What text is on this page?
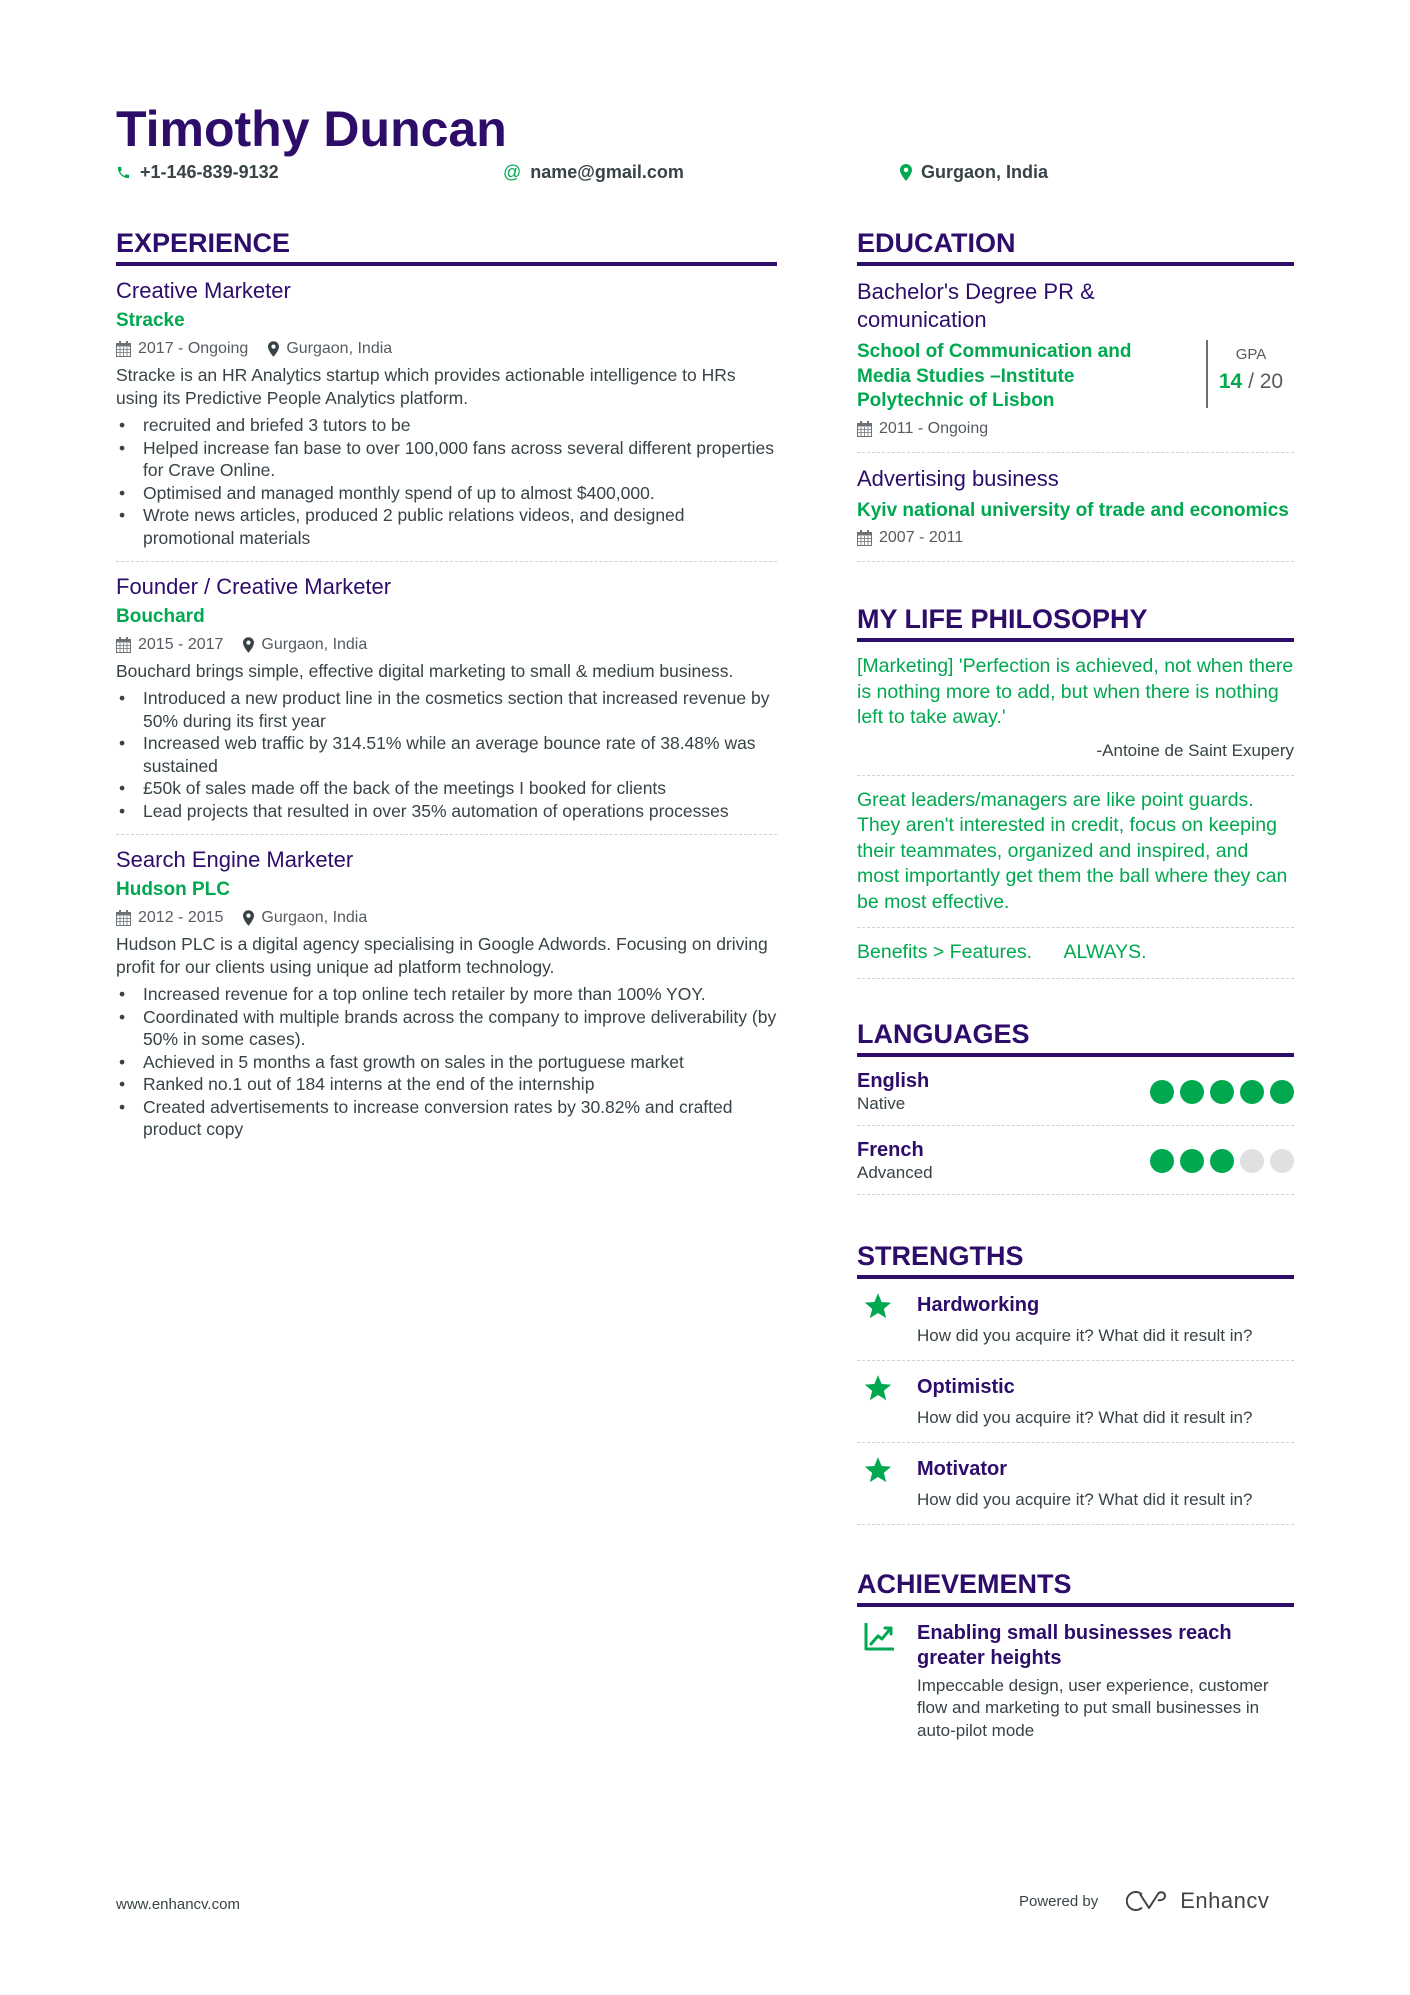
Timothy Duncan
+1-146-839-9132	@ name@gmail.com	Gurgaon, India
EXPERIENCE
Creative Marketer
Stracke
2017 - Ongoing Gurgaon, India
Stracke is an HR Analytics startup which provides actionable intelligence to HRs using its Predictive People Analytics platform.
• recruited and briefed 3 tutors to be
• Helped increase fan base to over 100,000 fans across several different properties for Crave Online.
• Optimised and managed monthly spend of up to almost $400,000.
• Wrote news articles, produced 2 public relations videos, and designed promotional materials
Founder / Creative Marketer
Bouchard
2015 - 2017 Gurgaon, India
Bouchard brings simple, effective digital marketing to small & medium business.
• Introduced a new product line in the cosmetics section that increased revenue by 50% during its first year
• Increased web traffic by 314.51% while an average bounce rate of 38.48% was sustained
• £50k of sales made off the back of the meetings I booked for clients
• Lead projects that resulted in over 35% automation of operations processes
Search Engine Marketer
Hudson PLC
2012 - 2015 Gurgaon, India
Hudson PLC is a digital agency specialising in Google Adwords. Focusing on driving profit for our clients using unique ad platform technology.
• Increased revenue for a top online tech retailer by more than 100% YOY.
• Coordinated with multiple brands across the company to improve deliverability (by 50% in some cases).
• Achieved in 5 months a fast growth on sales in the portuguese market
• Ranked no.1 out of 184 interns at the end of the internship
• Created advertisements to increase conversion rates by 30.82% and crafted product copy
EDUCATION
Bachelor's Degree PR & comunication
School of Communication and Media Studies –Institute Polytechnic of Lisbon
2011 - Ongoing
GPA
14 / 20
Advertising business
Kyiv national university of trade and economics
2007 - 2011
MY LIFE PHILOSOPHY
[Marketing] 'Perfection is achieved, not when there is nothing more to add, but when there is nothing left to take away.'
-Antoine de Saint Exupery
Great leaders/managers are like point guards. They aren't interested in credit, focus on keeping their teammates, organized and inspired, and most importantly get them the ball where they can be most effective.
Benefits > Features.      ALWAYS.
LANGUAGES
English
Native
French
Advanced
STRENGTHS
Hardworking
How did you acquire it? What did it result in?
Optimistic
How did you acquire it? What did it result in?
Motivator
How did you acquire it? What did it result in?
ACHIEVEMENTS
Enabling small businesses reach greater heights
Impeccable design, user experience, customer flow and marketing to put small businesses in auto-pilot mode
www.enhancv.com	Powered by	Enhancv
